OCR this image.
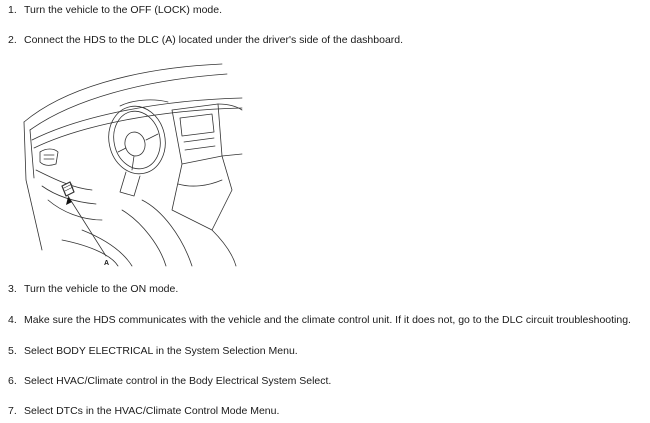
1. Turn the vehicle to the OFF (LOCK) mode.
2. Connect the HDS to the DLC (A) located under the driver's side of the dashboard.
A
3. Turn the vehicle to the ON mode.
4. Make sure the HDS communicates with the vehicle and the climate control unit. If it does not, go to the DLC circuit troubleshooting.
5. Select BODY ELECTRICAL in the System Selection Menu.
6. Select HVAC/Climate control in the Body Electrical System Select.
7. Select DTCs in the HVAC/Climate Control Mode Menu.
